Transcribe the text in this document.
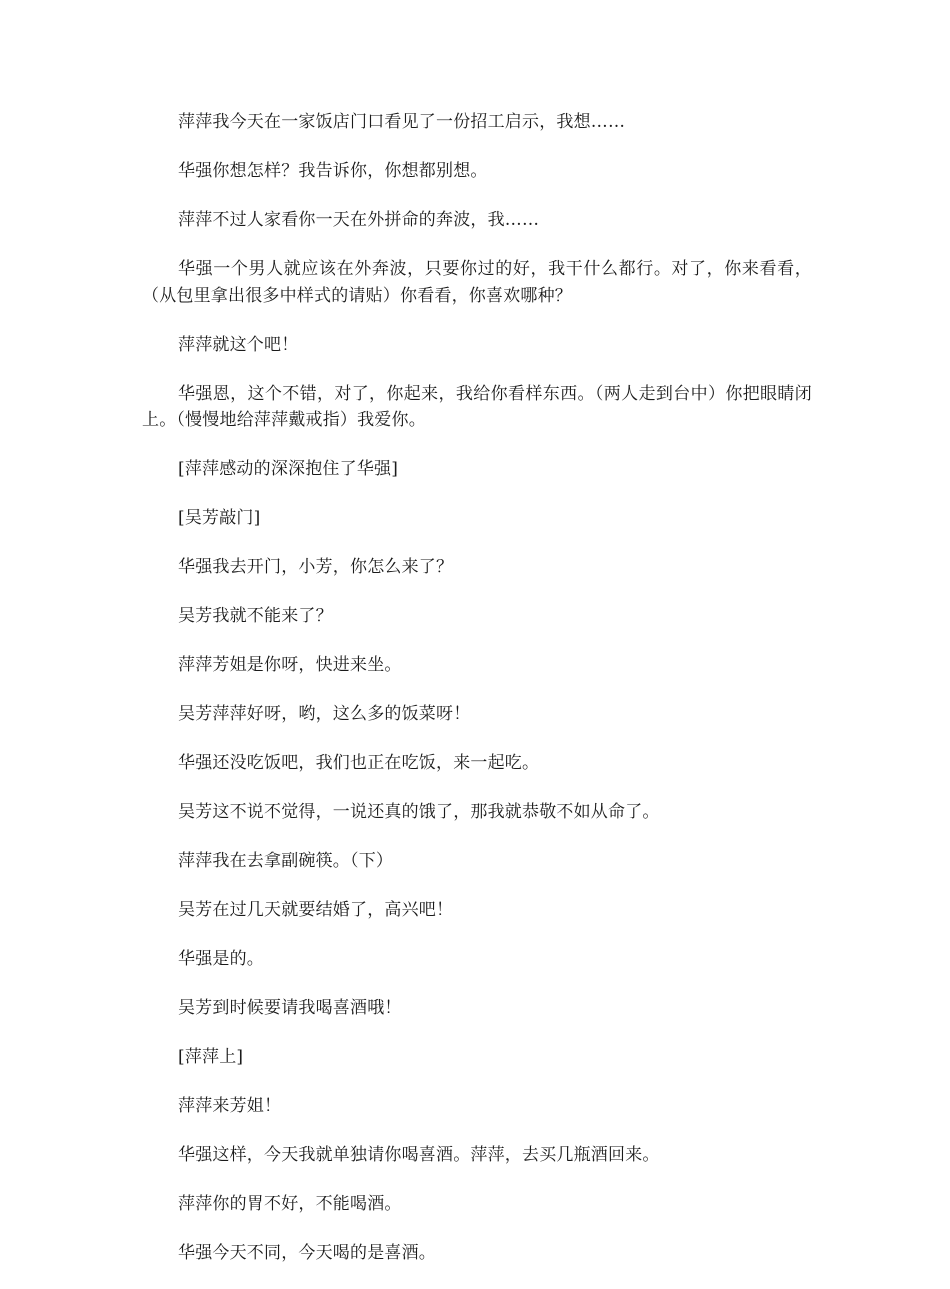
萍萍我今天在一家饭店门口看见了一份招工启示，我想……

华强你想怎样？我告诉你，你想都别想。

萍萍不过人家看你一天在外拼命的奔波，我……

华强一个男人就应该在外奔波，只要你过的好，我干什么都行。对了，你来看看，（从包里拿出很多中样式的请贴）你看看，你喜欢哪种？

萍萍就这个吧！

华强恩，这个不错，对了，你起来，我给你看样东西。（两人走到台中）你把眼睛闭上。（慢慢地给萍萍戴戒指）我爱你。

[萍萍感动的深深抱住了华强]

[吴芳敲门]

华强我去开门，小芳，你怎么来了？

吴芳我就不能来了？

萍萍芳姐是你呀，快进来坐。

吴芳萍萍好呀，哟，这么多的饭菜呀！

华强还没吃饭吧，我们也正在吃饭，来一起吃。

吴芳这不说不觉得，一说还真的饿了，那我就恭敬不如从命了。

萍萍我在去拿副碗筷。（下）

吴芳在过几天就要结婚了，高兴吧！

华强是的。

吴芳到时候要请我喝喜酒哦！

[萍萍上]

萍萍来芳姐！

华强这样，今天我就单独请你喝喜酒。萍萍，去买几瓶酒回来。

萍萍你的胃不好，不能喝酒。

华强今天不同，今天喝的是喜酒。
